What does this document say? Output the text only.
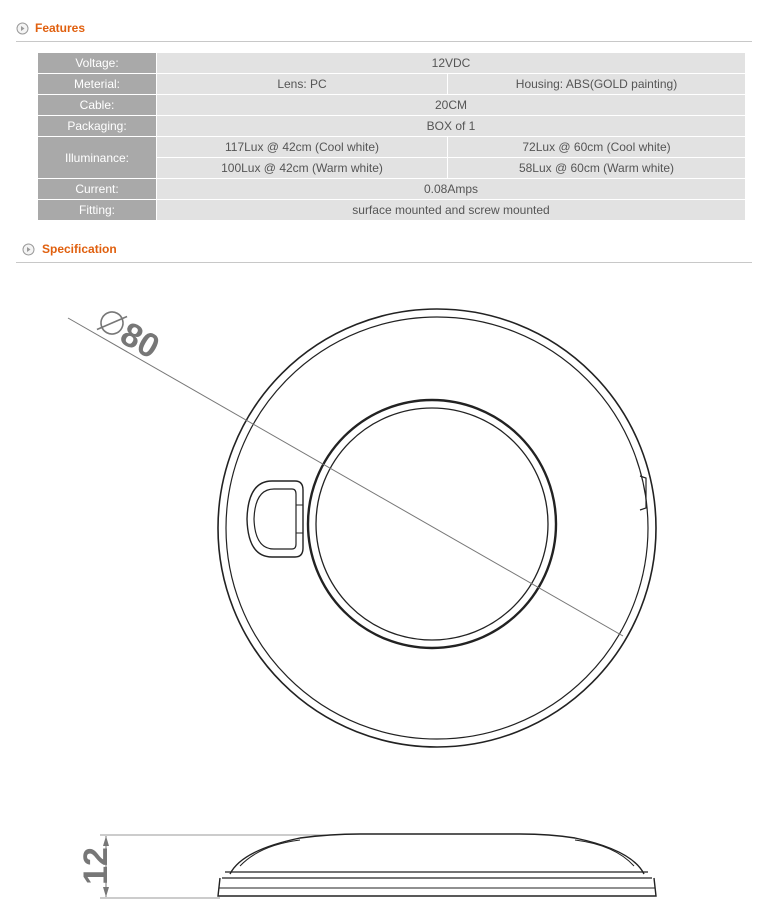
Features
Voltage:	12VDC	
Meterial:	Lens: PC	Housing: ABS(GOLD painting)
Cable:	20CM	
Packaging:	BOX of 1	
Illuminance:	117Lux @ 42cm (Cool white)	72Lux @ 60cm (Cool white)
	100Lux @ 42cm (Warm white)	58Lux @ 60cm (Warm white)
Current:	0.08Amps	
Fitting:	surface mounted and screw mounted	
Specification
80
12
